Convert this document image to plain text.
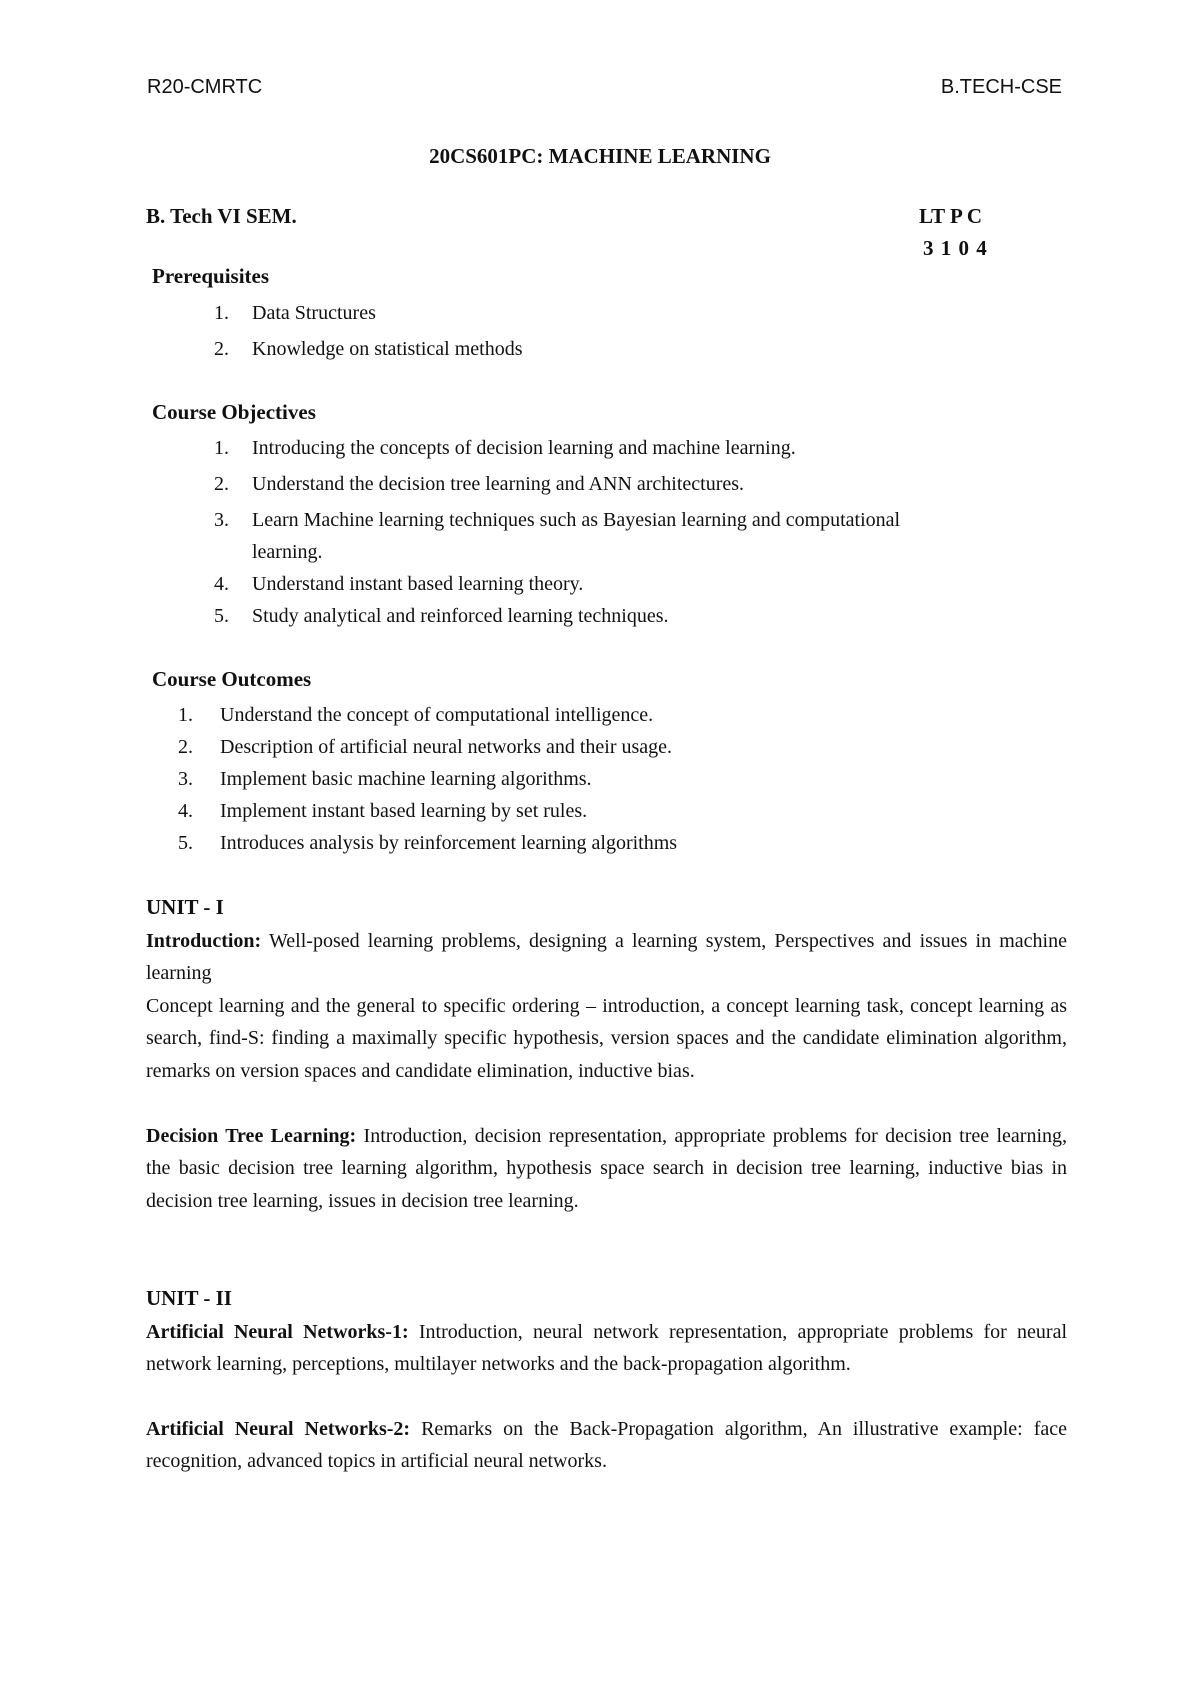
R20-CMRTC	B.TECH-CSE
20CS601PC: MACHINE LEARNING
B. Tech VI SEM.	LT P C
3 1 0 4
Prerequisites
1. Data Structures
2. Knowledge on statistical methods
Course Objectives
1. Introducing the concepts of decision learning and machine learning.
2. Understand the decision tree learning and ANN architectures.
3. Learn Machine learning techniques such as Bayesian learning and computational learning.
4. Understand instant based learning theory.
5. Study analytical and reinforced learning techniques.
Course Outcomes
1. Understand the concept of computational intelligence.
2. Description of artificial neural networks and their usage.
3. Implement basic machine learning algorithms.
4. Implement instant based learning by set rules.
5. Introduces analysis by reinforcement learning algorithms
UNIT - I

Introduction: Well-posed learning problems, designing a learning system, Perspectives and issues in machine learning

Concept learning and the general to specific ordering – introduction, a concept learning task, concept learning as search, find-S: finding a maximally specific hypothesis, version spaces and the candidate elimination algorithm, remarks on version spaces and candidate elimination, inductive bias.

Decision Tree Learning: Introduction, decision representation, appropriate problems for decision tree learning, the basic decision tree learning algorithm, hypothesis space search in decision tree learning, inductive bias in decision tree learning, issues in decision tree learning.

UNIT - II

Artificial Neural Networks-1: Introduction, neural network representation, appropriate problems for neural network learning, perceptions, multilayer networks and the back-propagation algorithm.

Artificial Neural Networks-2: Remarks on the Back-Propagation algorithm, An illustrative example: face recognition, advanced topics in artificial neural networks.
